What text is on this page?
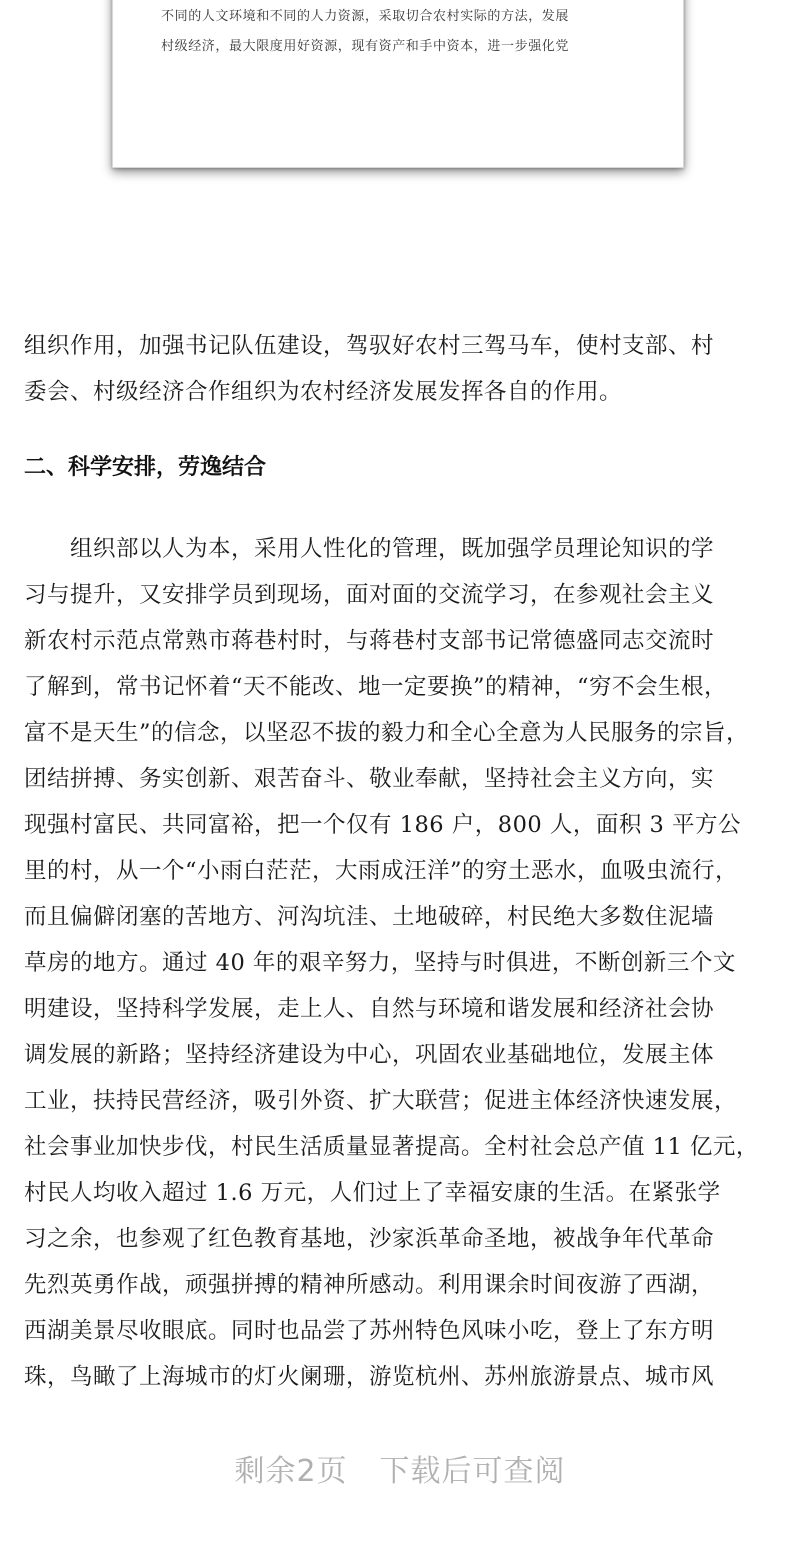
不同的人文环境和不同的人力资源，采取切合农村实际的方法，发展
村级经济，最大限度用好资源，现有资产和手中资本，进一步强化党
组织作用，加强书记队伍建设，驾驭好农村三驾马车，使村支部、村
委会、村级经济合作组织为农村经济发展发挥各自的作用。
二、科学安排，劳逸结合
　　组织部以人为本，采用人性化的管理，既加强学员理论知识的学
习与提升，又安排学员到现场，面对面的交流学习，在参观社会主义
新农村示范点常熟市蒋巷村时，与蒋巷村支部书记常德盛同志交流时
了解到，常书记怀着“天不能改、地一定要换”的精神，“穷不会生根，
富不是天生”的信念，以坚忍不拔的毅力和全心全意为人民服务的宗旨，
团结拼搏、务实创新、艰苦奋斗、敬业奉献，坚持社会主义方向，实
现强村富民、共同富裕，把一个仅有 186 户，800 人，面积 3 平方公
里的村，从一个“小雨白茫茫，大雨成汪洋”的穷土恶水，血吸虫流行，
而且偏僻闭塞的苦地方、河沟坑洼、土地破碎，村民绝大多数住泥墙
草房的地方。通过 40 年的艰辛努力，坚持与时俱进，不断创新三个文
明建设，坚持科学发展，走上人、自然与环境和谐发展和经济社会协
调发展的新路；坚持经济建设为中心，巩固农业基础地位，发展主体
工业，扶持民营经济，吸引外资、扩大联营；促进主体经济快速发展，
社会事业加快步伐，村民生活质量显著提高。全村社会总产值 11 亿元，
村民人均收入超过 1.6 万元，人们过上了幸福安康的生活。在紧张学
习之余，也参观了红色教育基地，沙家浜革命圣地，被战争年代革命
先烈英勇作战，顽强拼搏的精神所感动。利用课余时间夜游了西湖，
西湖美景尽收眼底。同时也品尝了苏州特色风味小吃，登上了东方明
珠，鸟瞰了上海城市的灯火阑珊，游览杭州、苏州旅游景点、城市风
剩余2页 下载后可查阅
